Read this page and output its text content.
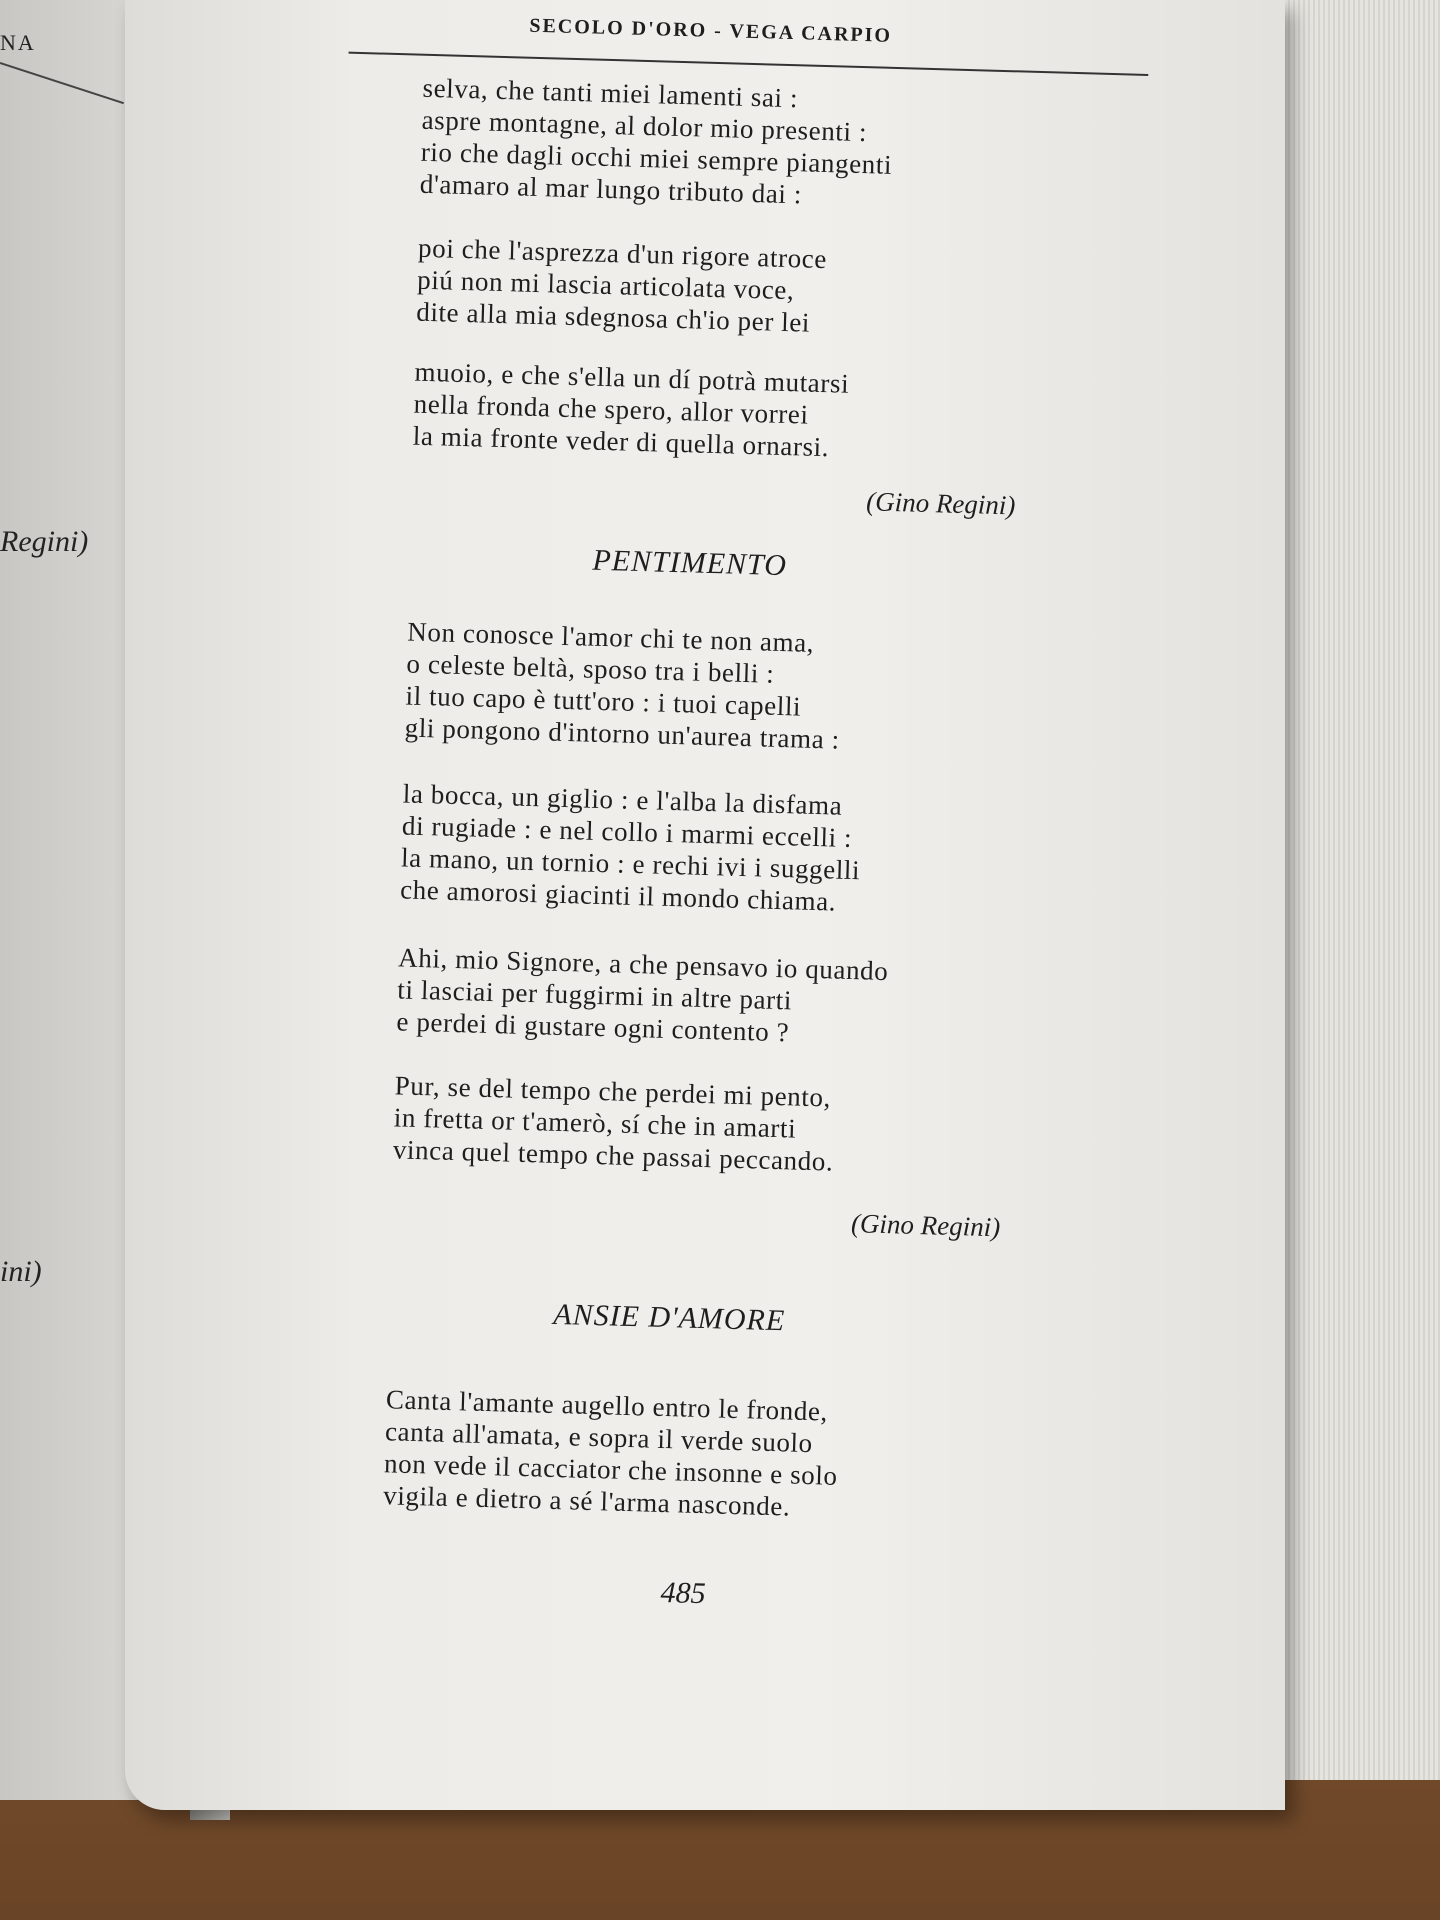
NA
Regini)
ini)
SECOLO D'ORO - VEGA CARPIO
selva, che tanti miei lamenti sai :
aspre montagne, al dolor mio presenti :
rio che dagli occhi miei sempre piangenti
d'amaro al mar lungo tributo dai :
poi che l'asprezza d'un rigore atroce
piú non mi lascia articolata voce,
dite alla mia sdegnosa ch'io per lei
muoio, e che s'ella un dí potrà mutarsi
nella fronda che spero, allor vorrei
la mia fronte veder di quella ornarsi.
(Gino Regini)
PENTIMENTO
Non conosce l'amor chi te non ama,
o celeste beltà, sposo tra i belli :
il tuo capo è tutt'oro : i tuoi capelli
gli pongono d'intorno un'aurea trama :
la bocca, un giglio : e l'alba la disfama
di rugiade : e nel collo i marmi eccelli :
la mano, un tornio : e rechi ivi i suggelli
che amorosi giacinti il mondo chiama.
Ahi, mio Signore, a che pensavo io quando
ti lasciai per fuggirmi in altre parti
e perdei di gustare ogni contento ?
Pur, se del tempo che perdei mi pento,
in fretta or t'amerò, sí che in amarti
vinca quel tempo che passai peccando.
(Gino Regini)
ANSIE D'AMORE
Canta l'amante augello entro le fronde,
canta all'amata, e sopra il verde suolo
non vede il cacciator che insonne e solo
vigila e dietro a sé l'arma nasconde.
485
